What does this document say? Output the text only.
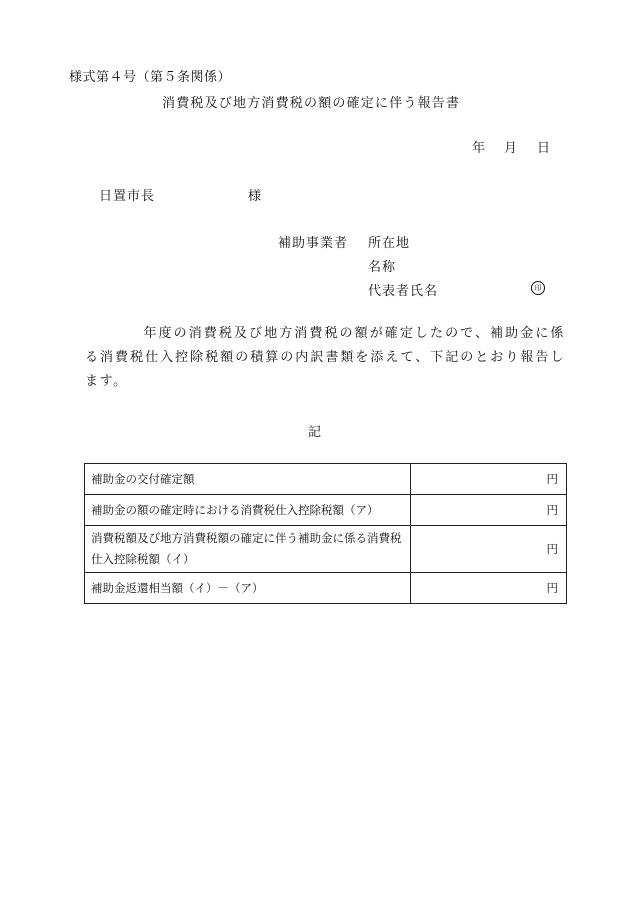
様式第４号（第５条関係）
消費税及び地方消費税の額の確定に伴う報告書
年	月	日
日置市長	様
補助事業者 所在地
名称
代表者氏名	印
年度の消費税及び地方消費税の額が確定したので、補助金に係る消費税仕入控除税額の積算の内訳書類を添えて、下記のとおり報告します。
記
補助金の交付確定額	円
補助金の額の確定時における消費税仕入控除税額（ア）	円
消費税額及び地方消費税額の確定に伴う補助金に係る消費税仕入控除税額（イ）	円
補助金返還相当額（イ）－（ア）	円
